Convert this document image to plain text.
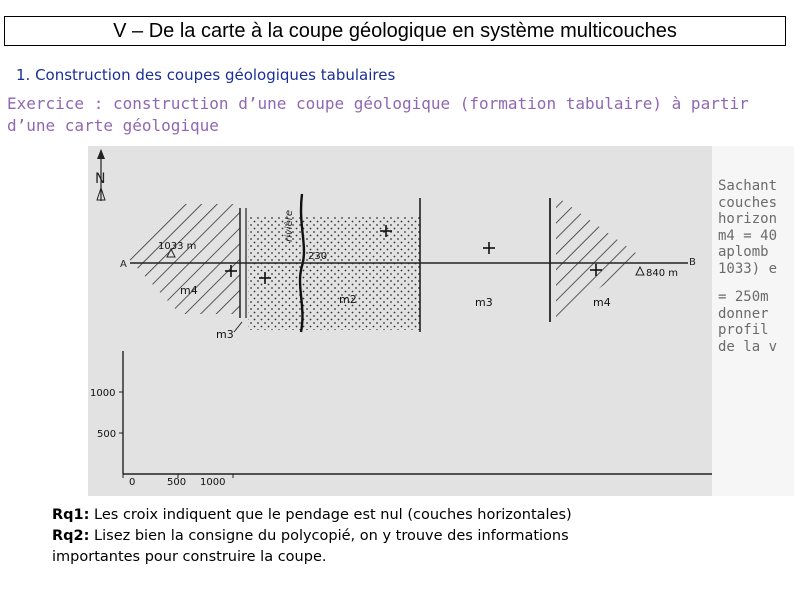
V – De la carte à la coupe géologique en système multicouches
1. Construction des coupes géologiques tabulaires
Exercice : construction d’une coupe géologique (formation tabulaire) à partir
d’une carte géologique
N
rivière
A	B
1033 m
840 m
230
m4
m3
m2	m3	m4
1000
500
0	500 1000
Sachant
couches
horizon
m4 = 40
aplomb
1033) e
= 250m
donner
profil
de la v
Rq1: Les croix indiquent que le pendage est nul (couches horizontales)
Rq2: Lisez bien la consigne du polycopié, on y trouve des informations
importantes pour construire la coupe.
